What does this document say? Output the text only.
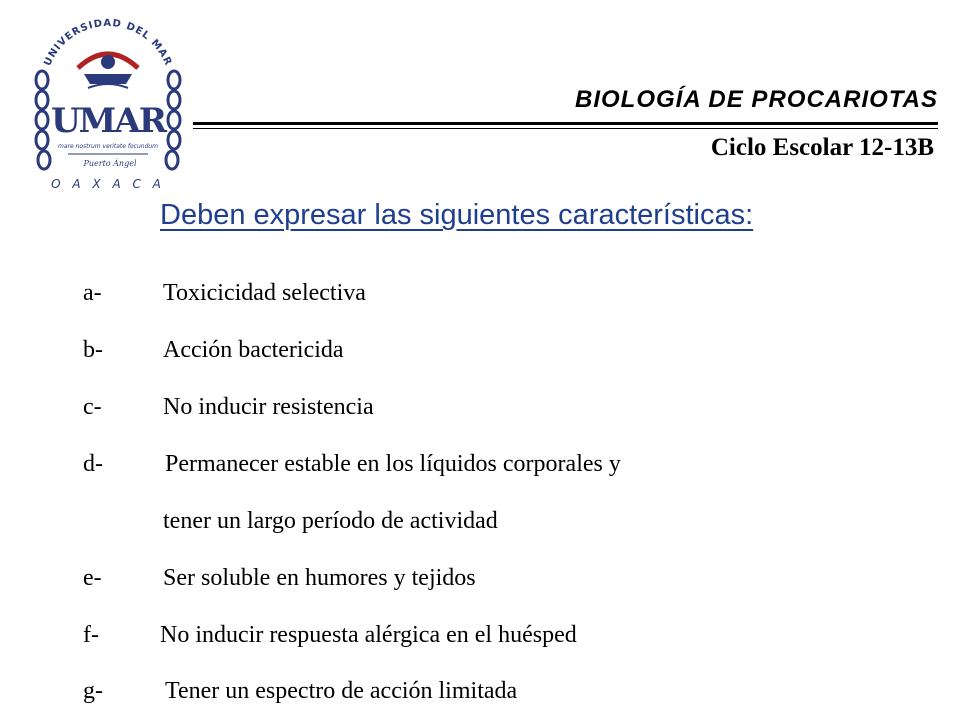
UNIVERSIDAD DEL MAR
UMAR
mare nostrum veritate focundum
Puerto Ángel
O A X A C A
BIOLOGÍA DE PROCARIOTAS
Ciclo Escolar 12-13B
Deben expresar las siguientes características:
a-	Toxicicidad selectiva
b-	Acción bactericida
c-	No inducir resistencia
d-	Permanecer estable en los líquidos corporales y
tener un largo período de actividad
e-	Ser soluble en humores y tejidos
f-	No inducir respuesta alérgica en el huésped
g-	Tener un espectro de acción limitada
